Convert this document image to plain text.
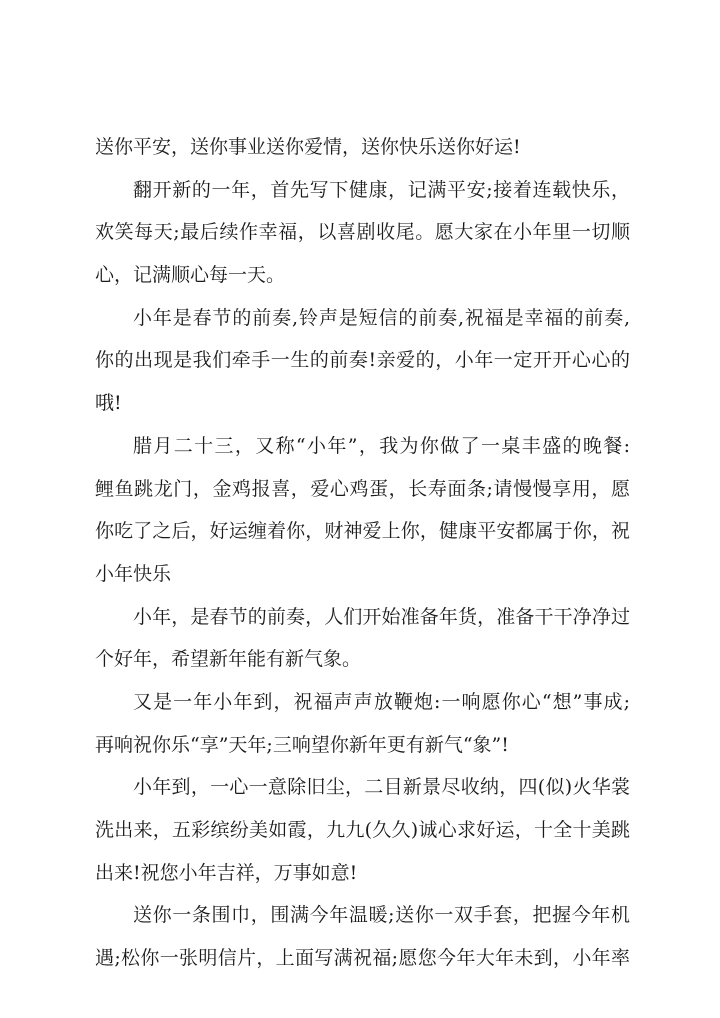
送你平安，送你事业送你爱情，送你快乐送你好运!
翻开新的一年，首先写下健康，记满平安;接着连载快乐，
欢笑每天;最后续作幸福，以喜剧收尾。愿大家在小年里一切顺
心，记满顺心每一天。
小年是春节的前奏,铃声是短信的前奏,祝福是幸福的前奏,
你的出现是我们牵手一生的前奏!亲爱的，小年一定开开心心的
哦!
腊月二十三，又称“小年”，我为你做了一桌丰盛的晚餐:
鲤鱼跳龙门，金鸡报喜，爱心鸡蛋，长寿面条;请慢慢享用，愿
你吃了之后，好运缠着你，财神爱上你，健康平安都属于你，祝
小年快乐
小年，是春节的前奏，人们开始准备年货，准备干干净净过
个好年，希望新年能有新气象。
又是一年小年到，祝福声声放鞭炮:一响愿你心“想”事成;
再响祝你乐“享”天年;三响望你新年更有新气“象”!
小年到，一心一意除旧尘，二目新景尽收纳，四(似)火华裳
洗出来，五彩缤纷美如霞，九九(久久)诚心求好运，十全十美跳
出来!祝您小年吉祥，万事如意!
送你一条围巾，围满今年温暖;送你一双手套，把握今年机
遇;松你一张明信片，上面写满祝福;愿您今年大年未到，小年率
